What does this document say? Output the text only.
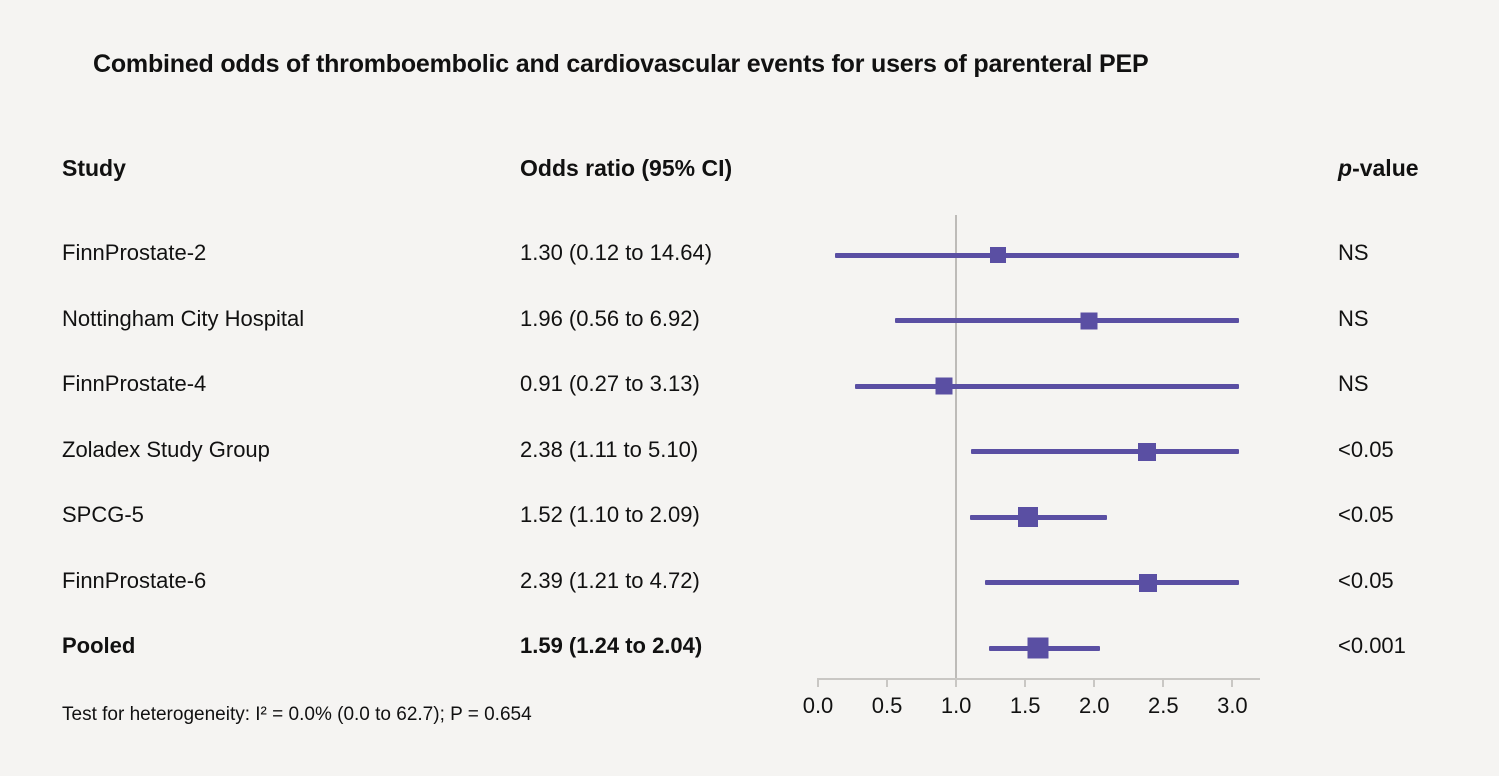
Combined odds of thromboembolic and cardiovascular events for users of parenteral PEP
Study	Odds ratio (95% CI)	p-value
FinnProstate-2	1.30 (0.12 to 14.64)	NS
Nottingham City Hospital	1.96 (0.56 to 6.92)	NS
FinnProstate-4	0.91 (0.27 to 3.13)	NS
Zoladex Study Group	2.38 (1.11 to 5.10)	<0.05
SPCG-5	1.52 (1.10 to 2.09)	<0.05
FinnProstate-6	2.39 (1.21 to 4.72)	<0.05
Pooled	1.59 (1.24 to 2.04)	<0.001
0.0 0.5 1.0 1.5 2.0 2.5 3.0
Test for heterogeneity: I² = 0.0% (0.0 to 62.7); P = 0.654
